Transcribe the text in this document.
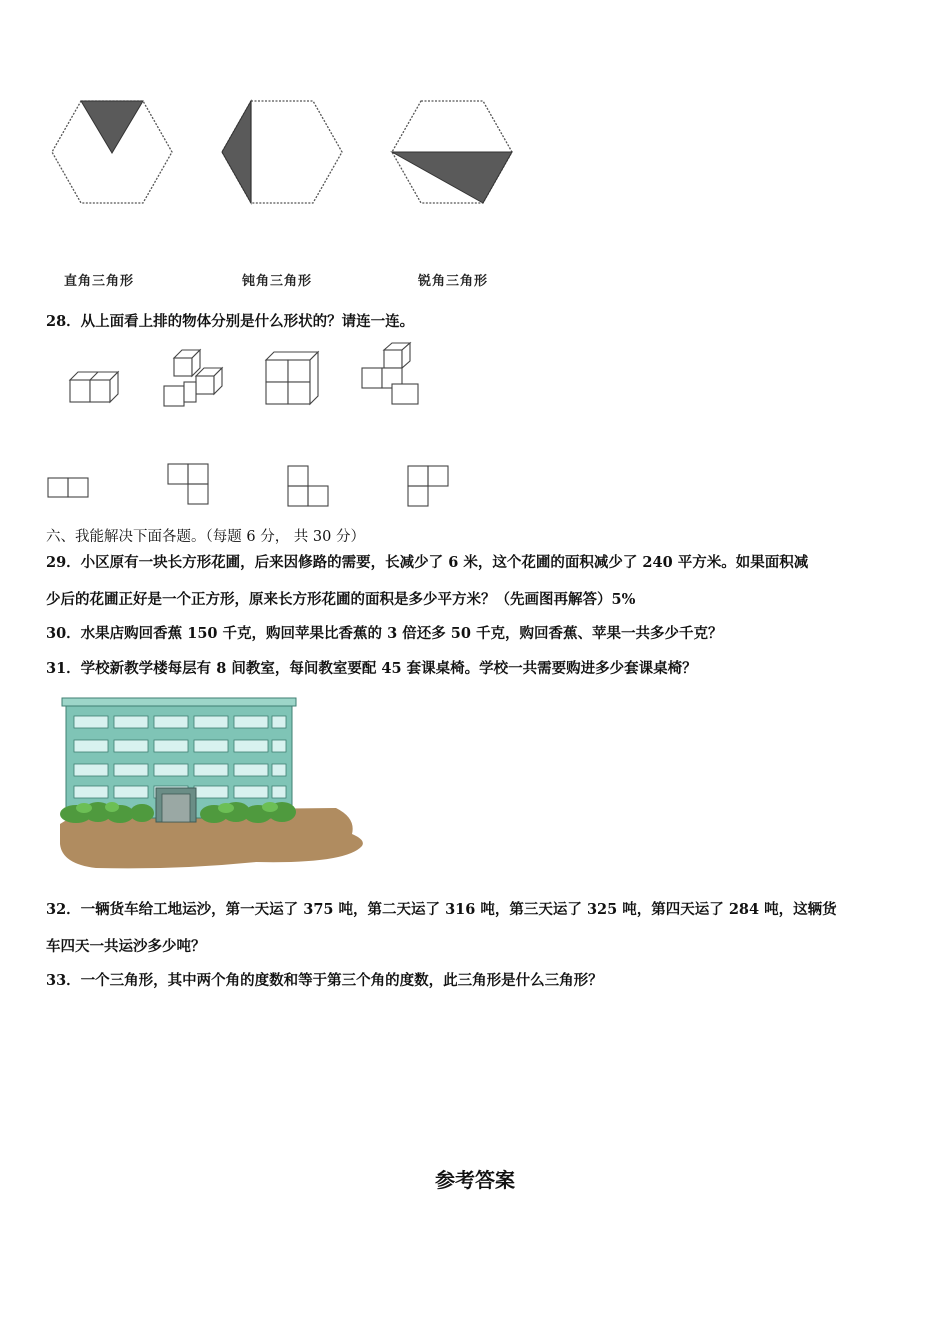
直角三角形	钝角三角形	锐角三角形
28．从上面看上排的物体分别是什么形状的？请连一连。
六、我能解决下面各题。（每题 6 分， 共 30 分）
29．小区原有一块长方形花圃，后来因修路的需要，长减少了 6 米，这个花圃的面积减少了 240 平方米。如果面积减
少后的花圃正好是一个正方形，原来长方形花圃的面积是多少平方米？（先画图再解答）5%
30．水果店购回香蕉 150 千克，购回苹果比香蕉的 3 倍还多 50 千克，购回香蕉、苹果一共多少千克？
31．学校新教学楼每层有 8 间教室，每间教室要配 45 套课桌椅。学校一共需要购进多少套课桌椅？
32．一辆货车给工地运沙，第一天运了 375 吨，第二天运了 316 吨，第三天运了 325 吨，第四天运了 284 吨，这辆货
车四天一共运沙多少吨？
33．一个三角形，其中两个角的度数和等于第三个角的度数，此三角形是什么三角形？
参考答案
